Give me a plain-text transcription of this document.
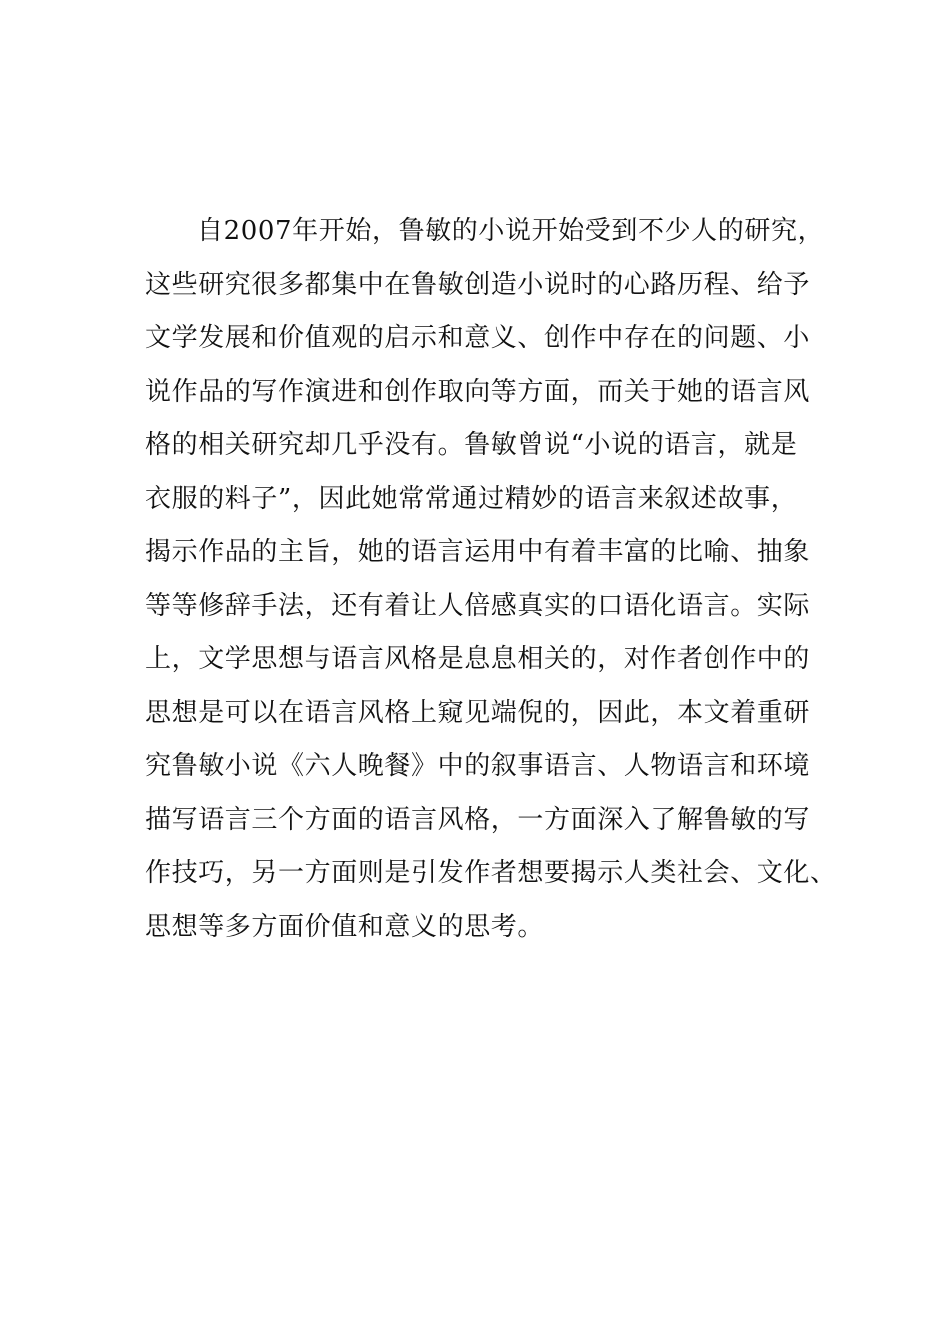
自2007年开始，鲁敏的小说开始受到不少人的研究，
这些研究很多都集中在鲁敏创造小说时的心路历程、给予
文学发展和价值观的启示和意义、创作中存在的问题、小
说作品的写作演进和创作取向等方面，而关于她的语言风
格的相关研究却几乎没有。鲁敏曾说“小说的语言，就是
衣服的料子”，因此她常常通过精妙的语言来叙述故事，
揭示作品的主旨，她的语言运用中有着丰富的比喻、抽象
等等修辞手法，还有着让人倍感真实的口语化语言。实际
上，文学思想与语言风格是息息相关的，对作者创作中的
思想是可以在语言风格上窥见端倪的，因此，本文着重研
究鲁敏小说《六人晚餐》中的叙事语言、人物语言和环境
描写语言三个方面的语言风格，一方面深入了解鲁敏的写
作技巧，另一方面则是引发作者想要揭示人类社会、文化、
思想等多方面价值和意义的思考。
